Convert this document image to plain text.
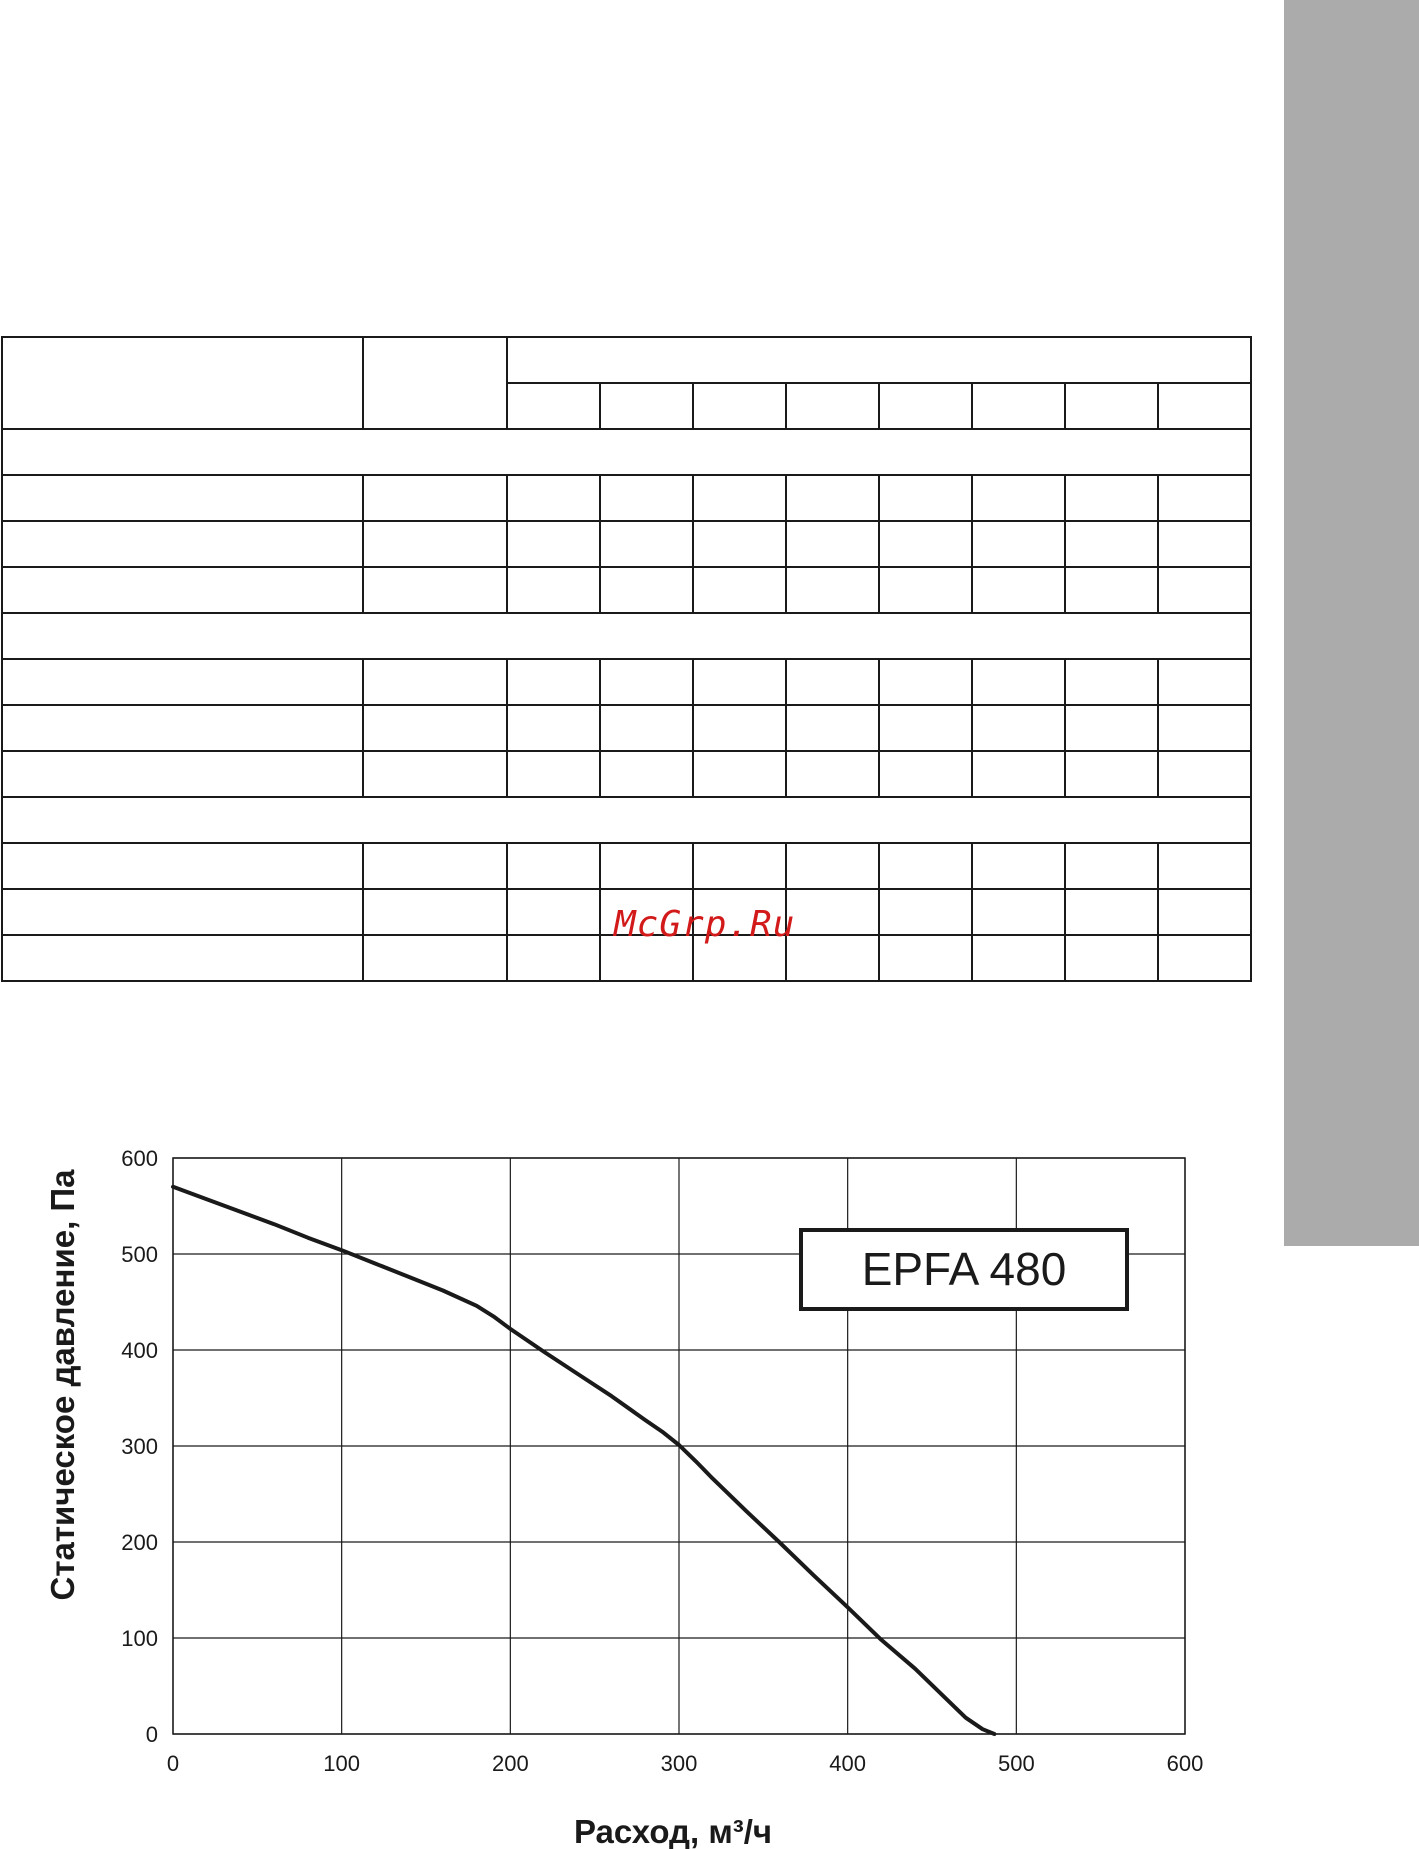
McGrp.Ru
0	100	200	300	400	500	600
0
100
200
300
400
500
600
EPFA 480
Статическое давление, Па
Расход, м³/ч
